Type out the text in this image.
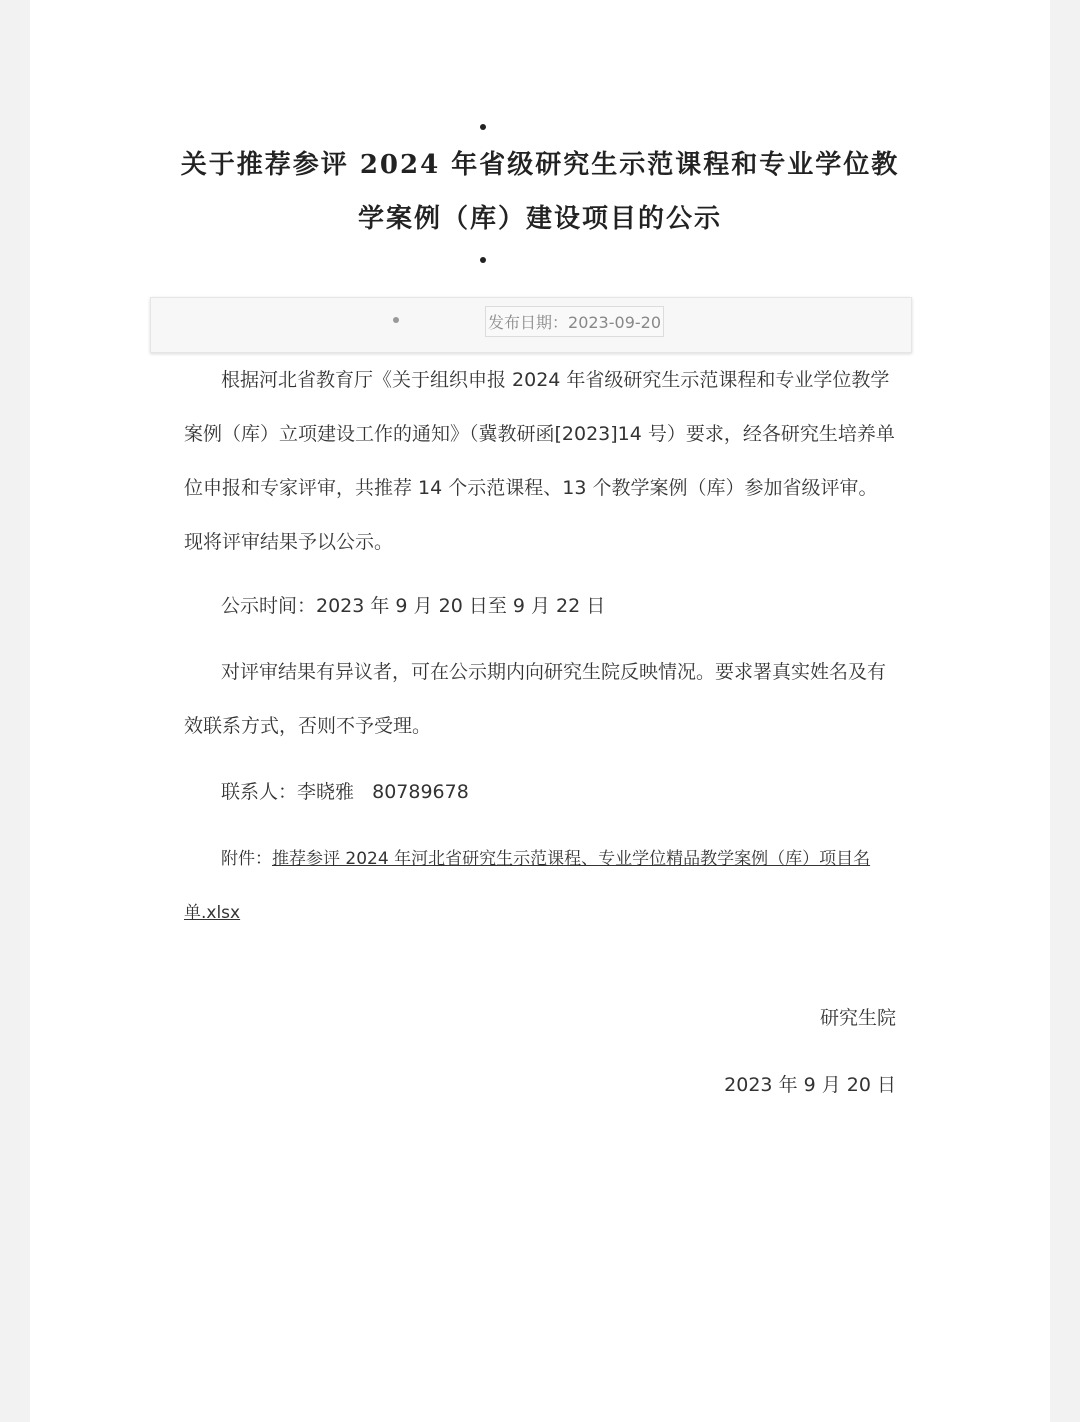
关于推荐参评 2024 年省级研究生示范课程和专业学位教学案例（库）建设项目的公示
发布日期：2023-09-20

根据河北省教育厅《关于组织申报 2024 年省级研究生示范课程和专业学位教学案例（库）立项建设工作的通知》（冀教研函[2023]14 号）要求，经各研究生培养单位申报和专家评审，共推荐 14 个示范课程、13 个教学案例（库）参加省级评审。现将评审结果予以公示。

公示时间：2023 年 9 月 20 日至 9 月 22 日

对评审结果有异议者，可在公示期内向研究生院反映情况。要求署真实姓名及有效联系方式，否则不予受理。

联系人：李晓雅   80789678

附件：推荐参评 2024 年河北省研究生示范课程、专业学位精品教学案例（库）项目名单.xlsx

研究生院
2023 年 9 月 20 日
